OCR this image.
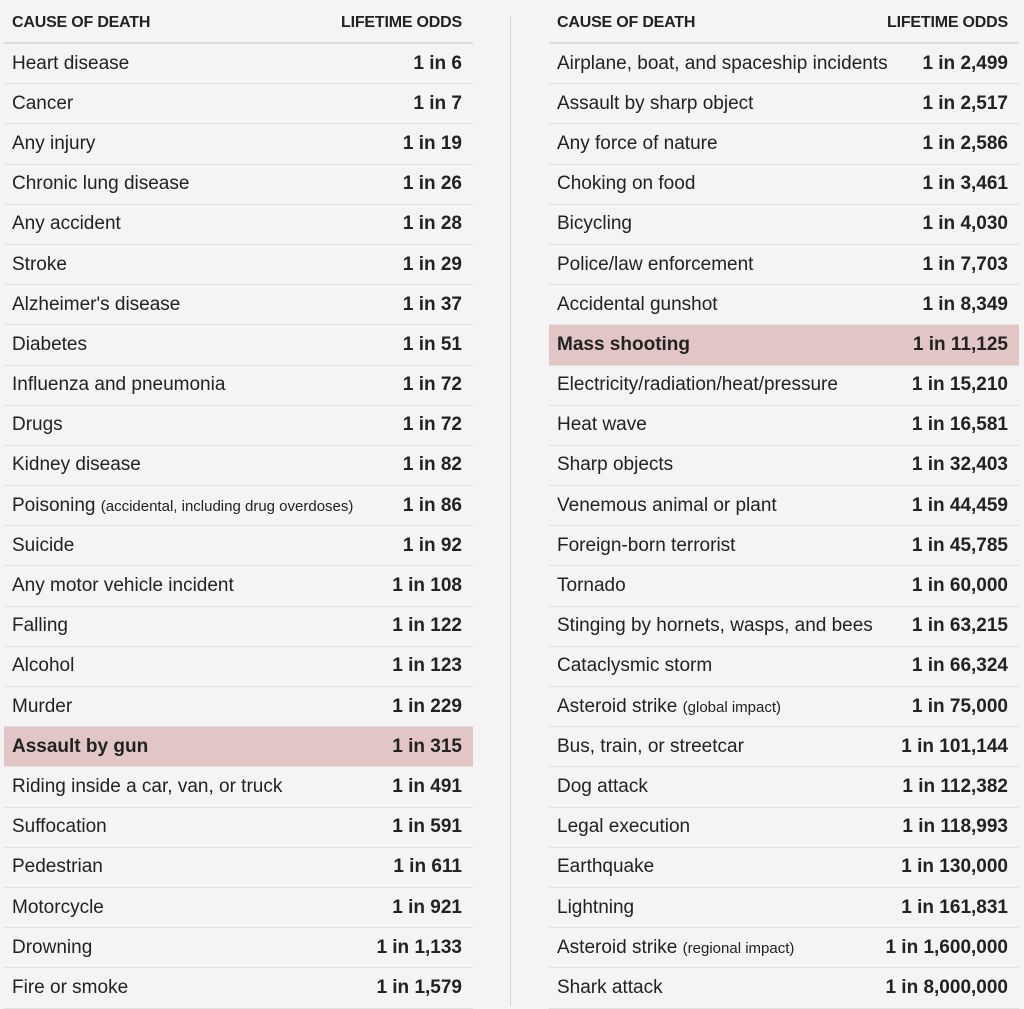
CAUSE OF DEATH	LIFETIME ODDS
Heart disease	1 in 6
Cancer	1 in 7
Any injury	1 in 19
Chronic lung disease	1 in 26
Any accident	1 in 28
Stroke	1 in 29
Alzheimer's disease	1 in 37
Diabetes	1 in 51
Influenza and pneumonia	1 in 72
Drugs	1 in 72
Kidney disease	1 in 82
Poisoning (accidental, including drug overdoses)	1 in 86
Suicide	1 in 92
Any motor vehicle incident	1 in 108
Falling	1 in 122
Alcohol	1 in 123
Murder	1 in 229
Assault by gun	1 in 315
Riding inside a car, van, or truck	1 in 491
Suffocation	1 in 591
Pedestrian	1 in 611
Motorcycle	1 in 921
Drowning	1 in 1,133
Fire or smoke	1 in 1,579
CAUSE OF DEATH	LIFETIME ODDS
Airplane, boat, and spaceship incidents 1 in 2,499
Assault by sharp object	1 in 2,517
Any force of nature	1 in 2,586
Choking on food	1 in 3,461
Bicycling	1 in 4,030
Police/law enforcement	1 in 7,703
Accidental gunshot	1 in 8,349
Mass shooting	1 in 11,125
Electricity/radiation/heat/pressure	1 in 15,210
Heat wave	1 in 16,581
Sharp objects	1 in 32,403
Venemous animal or plant	1 in 44,459
Foreign-born terrorist	1 in 45,785
Tornado	1 in 60,000
Stinging by hornets, wasps, and bees 1 in 63,215
Cataclysmic storm	1 in 66,324
Asteroid strike (global impact)	1 in 75,000
Bus, train, or streetcar	1 in 101,144
Dog attack	1 in 112,382
Legal execution	1 in 118,993
Earthquake	1 in 130,000
Lightning	1 in 161,831
Asteroid strike (regional impact)	1 in 1,600,000
Shark attack	1 in 8,000,000
